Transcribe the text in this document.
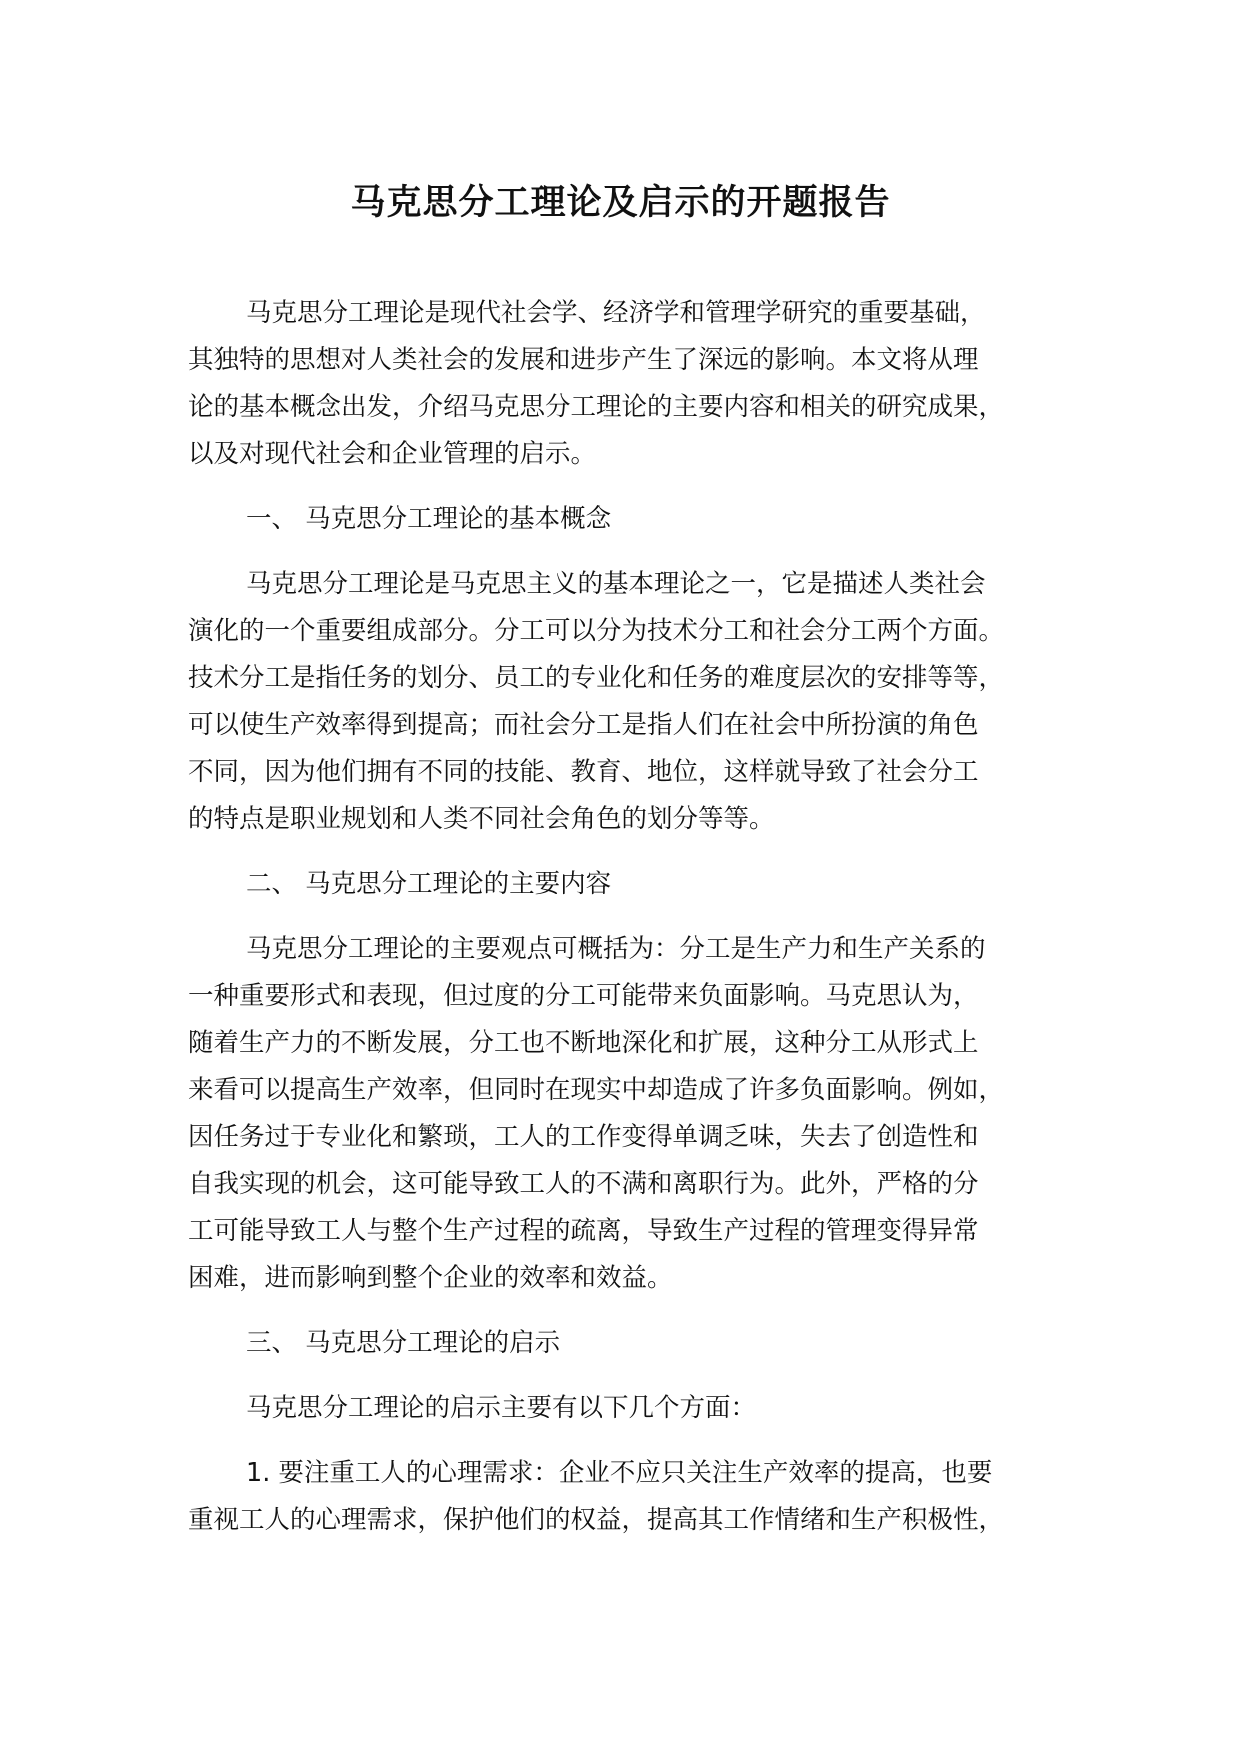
马克思分工理论及启示的开题报告
马克思分工理论是现代社会学、经济学和管理学研究的重要基础，
其独特的思想对人类社会的发展和进步产生了深远的影响。本文将从理
论的基本概念出发，介绍马克思分工理论的主要内容和相关的研究成果，
以及对现代社会和企业管理的启示。
一、 马克思分工理论的基本概念
马克思分工理论是马克思主义的基本理论之一，它是描述人类社会
演化的一个重要组成部分。分工可以分为技术分工和社会分工两个方面。
技术分工是指任务的划分、员工的专业化和任务的难度层次的安排等等，
可以使生产效率得到提高；而社会分工是指人们在社会中所扮演的角色
不同，因为他们拥有不同的技能、教育、地位，这样就导致了社会分工
的特点是职业规划和人类不同社会角色的划分等等。
二、 马克思分工理论的主要内容
马克思分工理论的主要观点可概括为：分工是生产力和生产关系的
一种重要形式和表现，但过度的分工可能带来负面影响。马克思认为，
随着生产力的不断发展，分工也不断地深化和扩展，这种分工从形式上
来看可以提高生产效率，但同时在现实中却造成了许多负面影响。例如，
因任务过于专业化和繁琐，工人的工作变得单调乏味，失去了创造性和
自我实现的机会，这可能导致工人的不满和离职行为。此外，严格的分
工可能导致工人与整个生产过程的疏离，导致生产过程的管理变得异常
困难，进而影响到整个企业的效率和效益。
三、 马克思分工理论的启示
马克思分工理论的启示主要有以下几个方面：
1. 要注重工人的心理需求：企业不应只关注生产效率的提高，也要
重视工人的心理需求，保护他们的权益，提高其工作情绪和生产积极性，
